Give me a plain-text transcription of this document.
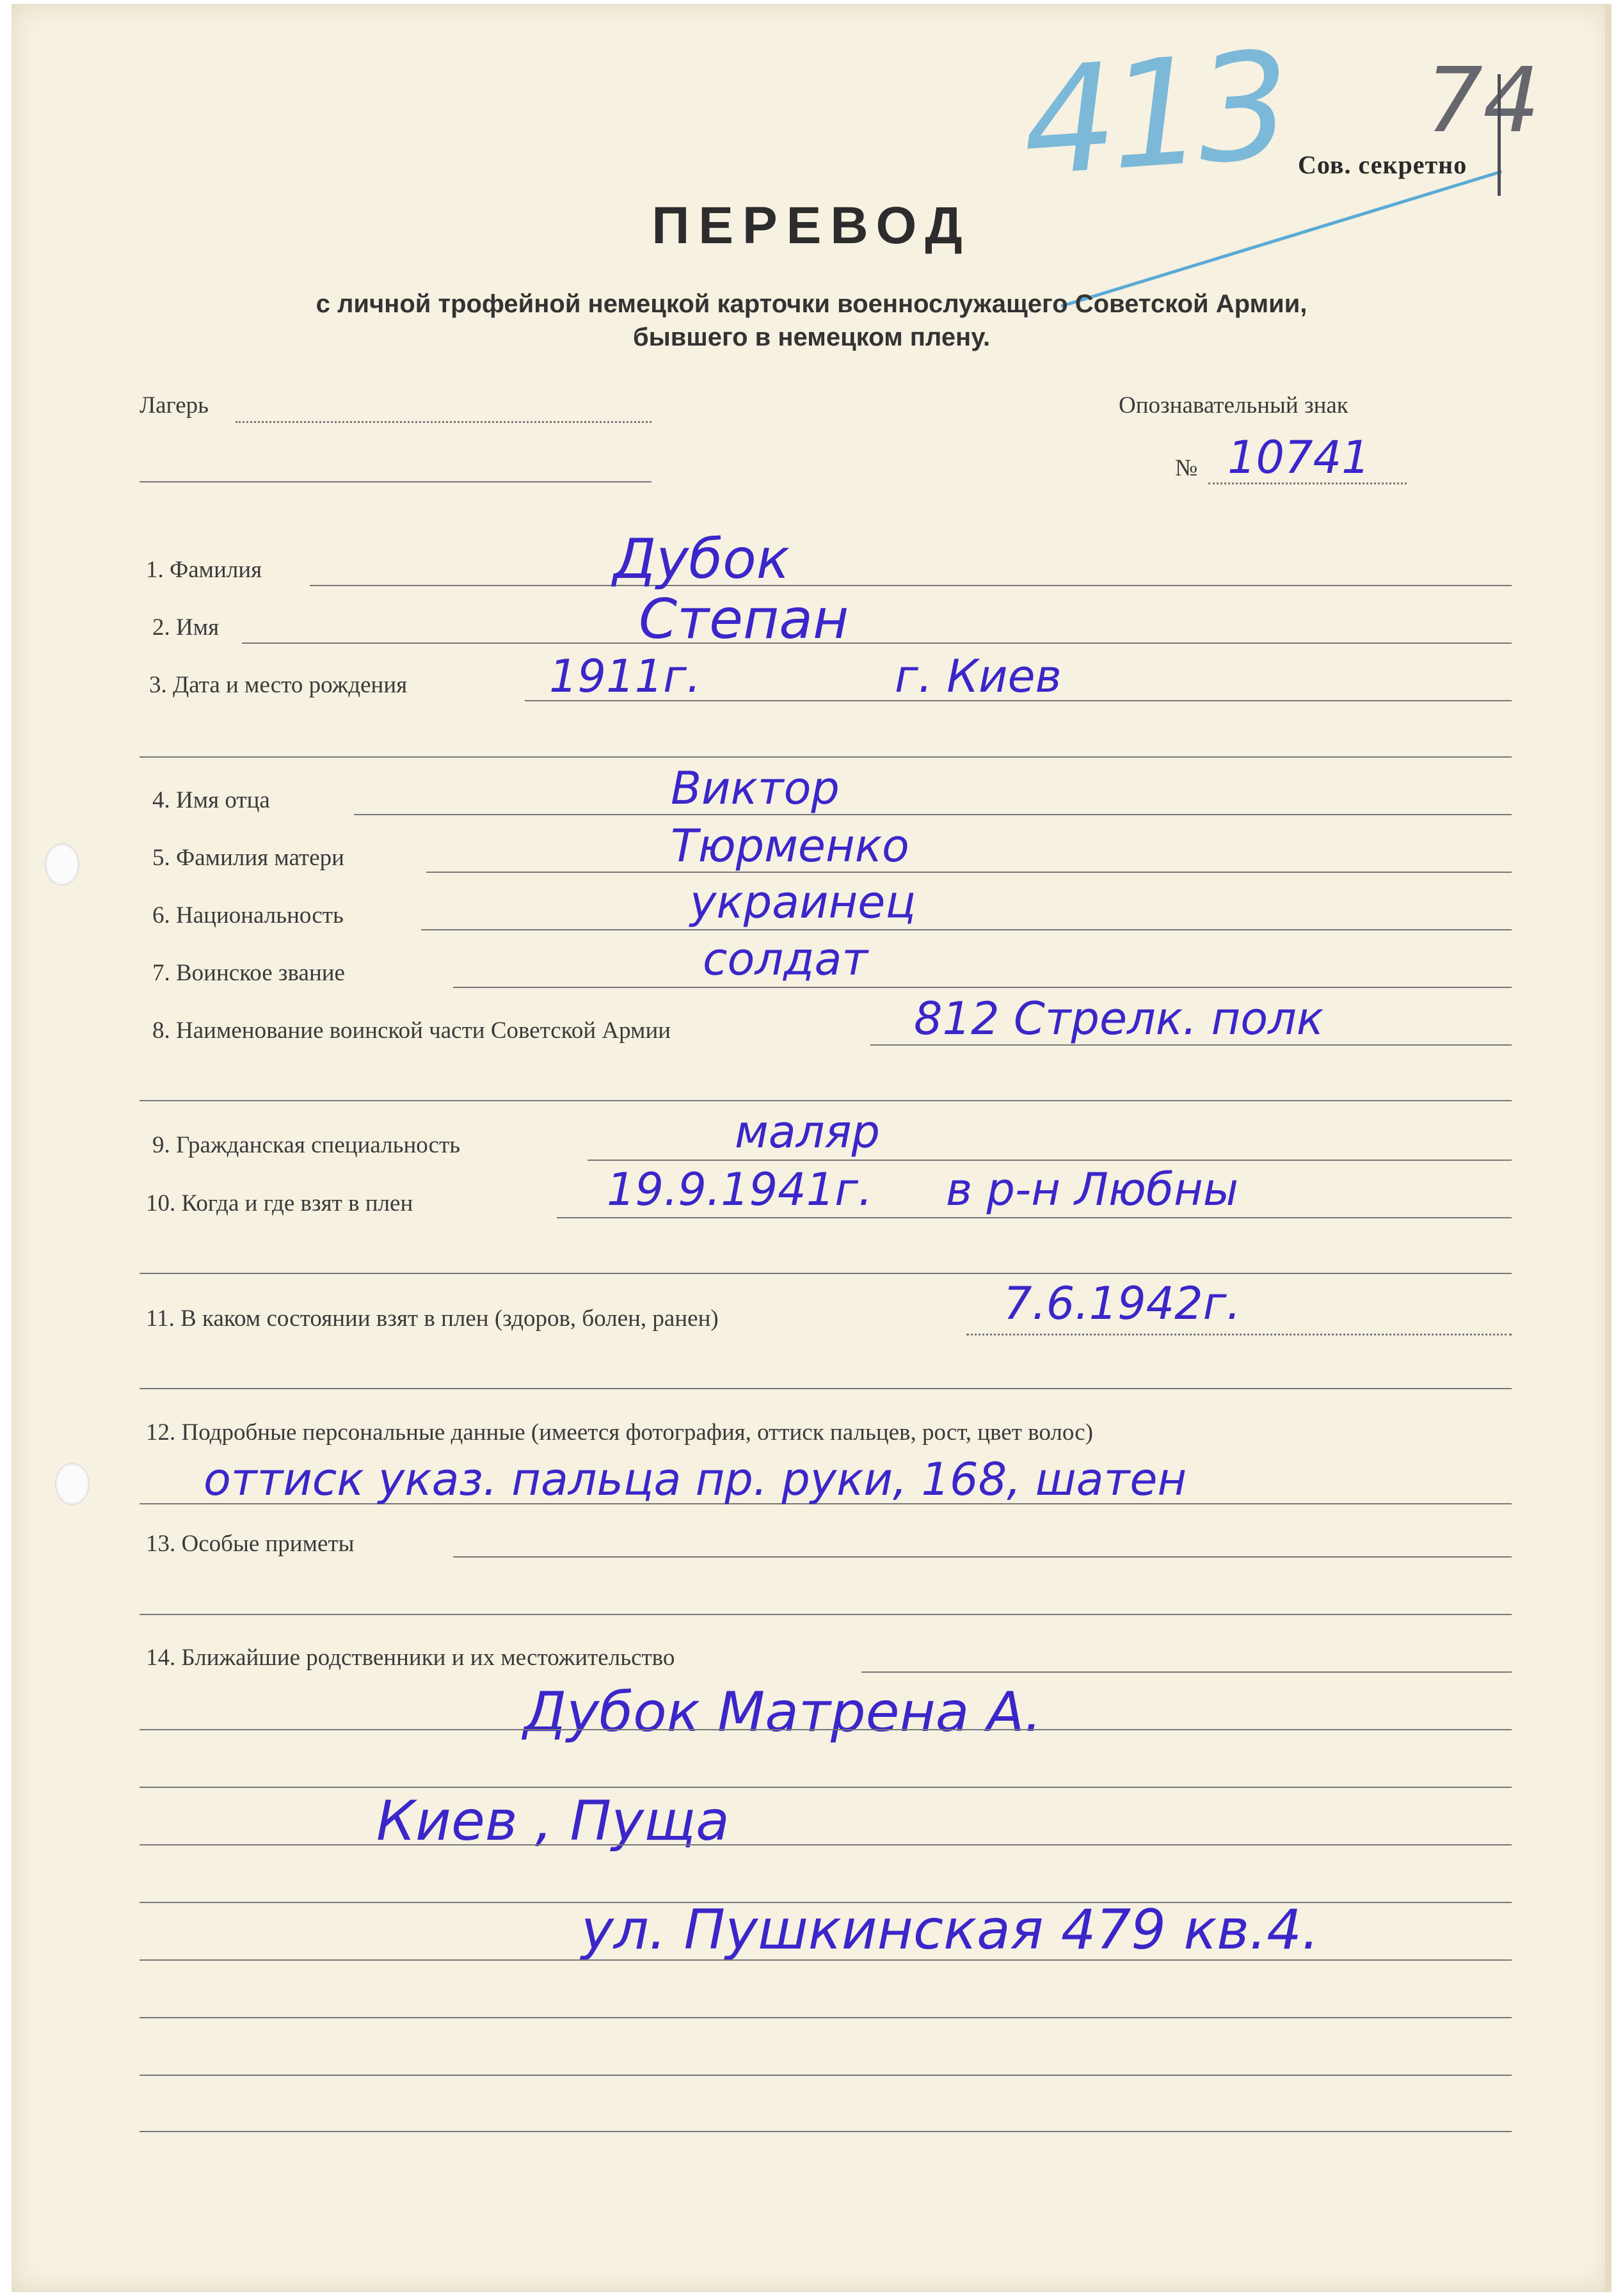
413 74
Сов. секретно
ПЕРЕВОД
с личной трофейной немецкой карточки военнослужащего Советской Армии,
бывшего в немецком плену.
Лагерь	Опознавательный знак
№ 10741
1. Фамилия	Дубок
2. Имя	Степан
3. Дата и место рождения	1911г.	г. Киев
4. Имя отца	Виктор
5. Фамилия матери	Тюрменко
6. Национальность	украинец
7. Воинское звание	солдат
8. Наименование воинской части Советской Армии	812 Стрелк. полк
9. Гражданская специальность	маляр
10. Когда и где взят в плен	19.9.1941г. в р-н Любны
11. В каком состоянии взят в плен (здоров, болен, ранен)	7.6.1942г.
12. Подробные персональные данные (имеется фотография, оттиск пальцев, рост, цвет волос)
оттиск указ. пальца пр. руки, 168, шатен
13. Особые приметы
14. Ближайшие родственники и их местожительство
Дубок Матрена А.
Киев , Пуща
ул. Пушкинская 479 кв.4.
